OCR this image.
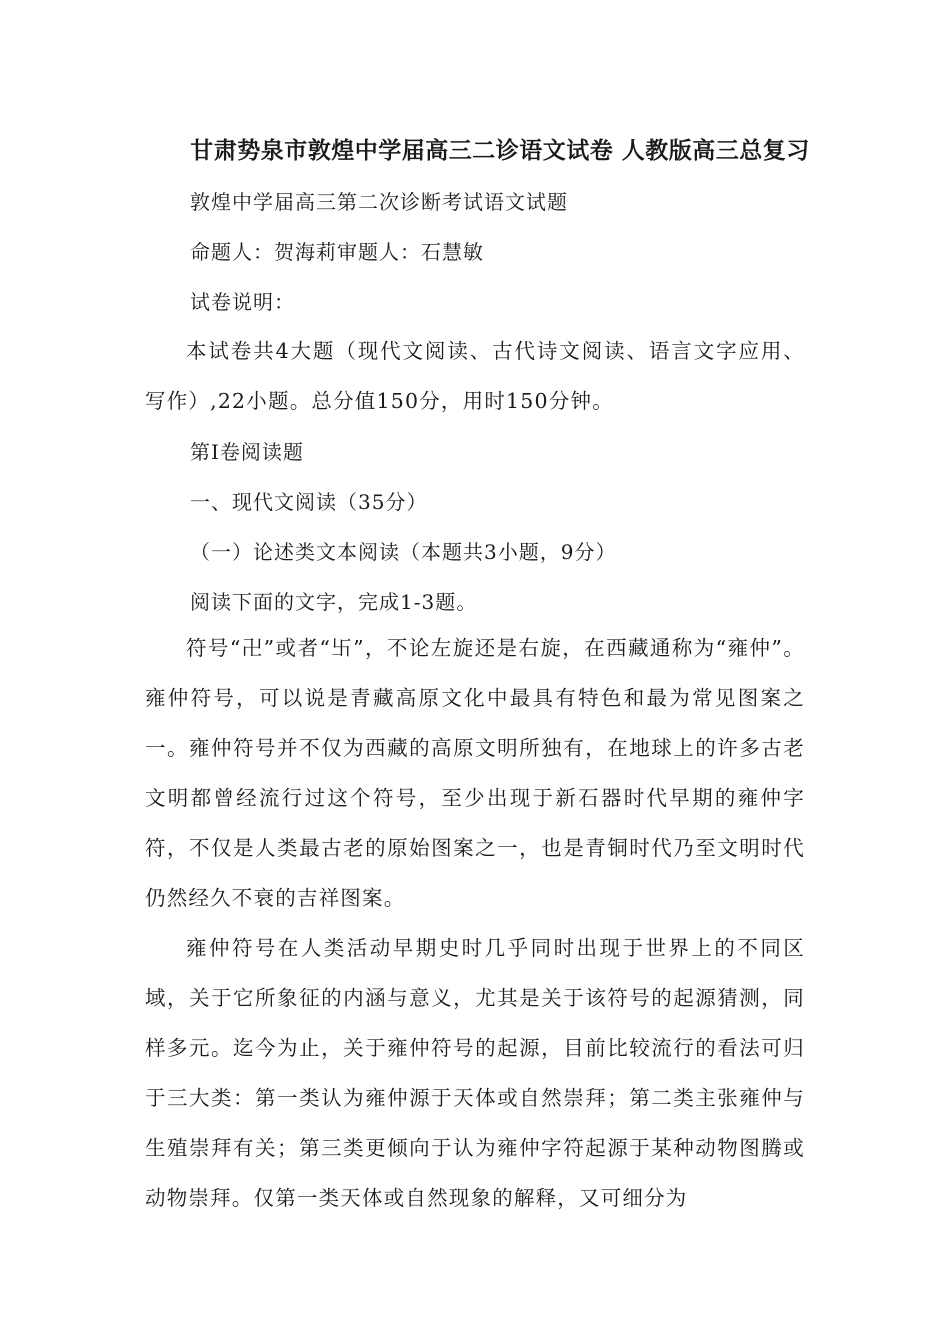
甘肃势泉市敦煌中学届高三二诊语文试卷 人教版高三总复习
敦煌中学届高三第二次诊断考试语文试题
命题人：贺海莉审题人：石慧敏
试卷说明：
本试卷共4大题（现代文阅读、古代诗文阅读、语言文字应用、写作）,22小题。总分值150分，用时150分钟。
第Ⅰ卷阅读题
一、现代文阅读（35分）
（一）论述类文本阅读（本题共3小题，9分）
阅读下面的文字，完成1-3题。
符号“卍”或者“卐”，不论左旋还是右旋，在西藏通称为“雍仲”。雍仲符号，可以说是青藏高原文化中最具有特色和最为常见图案之一。雍仲符号并不仅为西藏的高原文明所独有，在地球上的许多古老文明都曾经流行过这个符号，至少出现于新石器时代早期的雍仲字符，不仅是人类最古老的原始图案之一，也是青铜时代乃至文明时代仍然经久不衰的吉祥图案。
雍仲符号在人类活动早期史时几乎同时出现于世界上的不同区域，关于它所象征的内涵与意义，尤其是关于该符号的起源猜测，同样多元。迄今为止，关于雍仲符号的起源，目前比较流行的看法可归于三大类：第一类认为雍仲源于天体或自然崇拜；第二类主张雍仲与生殖崇拜有关；第三类更倾向于认为雍仲字符起源于某种动物图腾或动物崇拜。仅第一类天体或自然现象的解释，又可细分为
